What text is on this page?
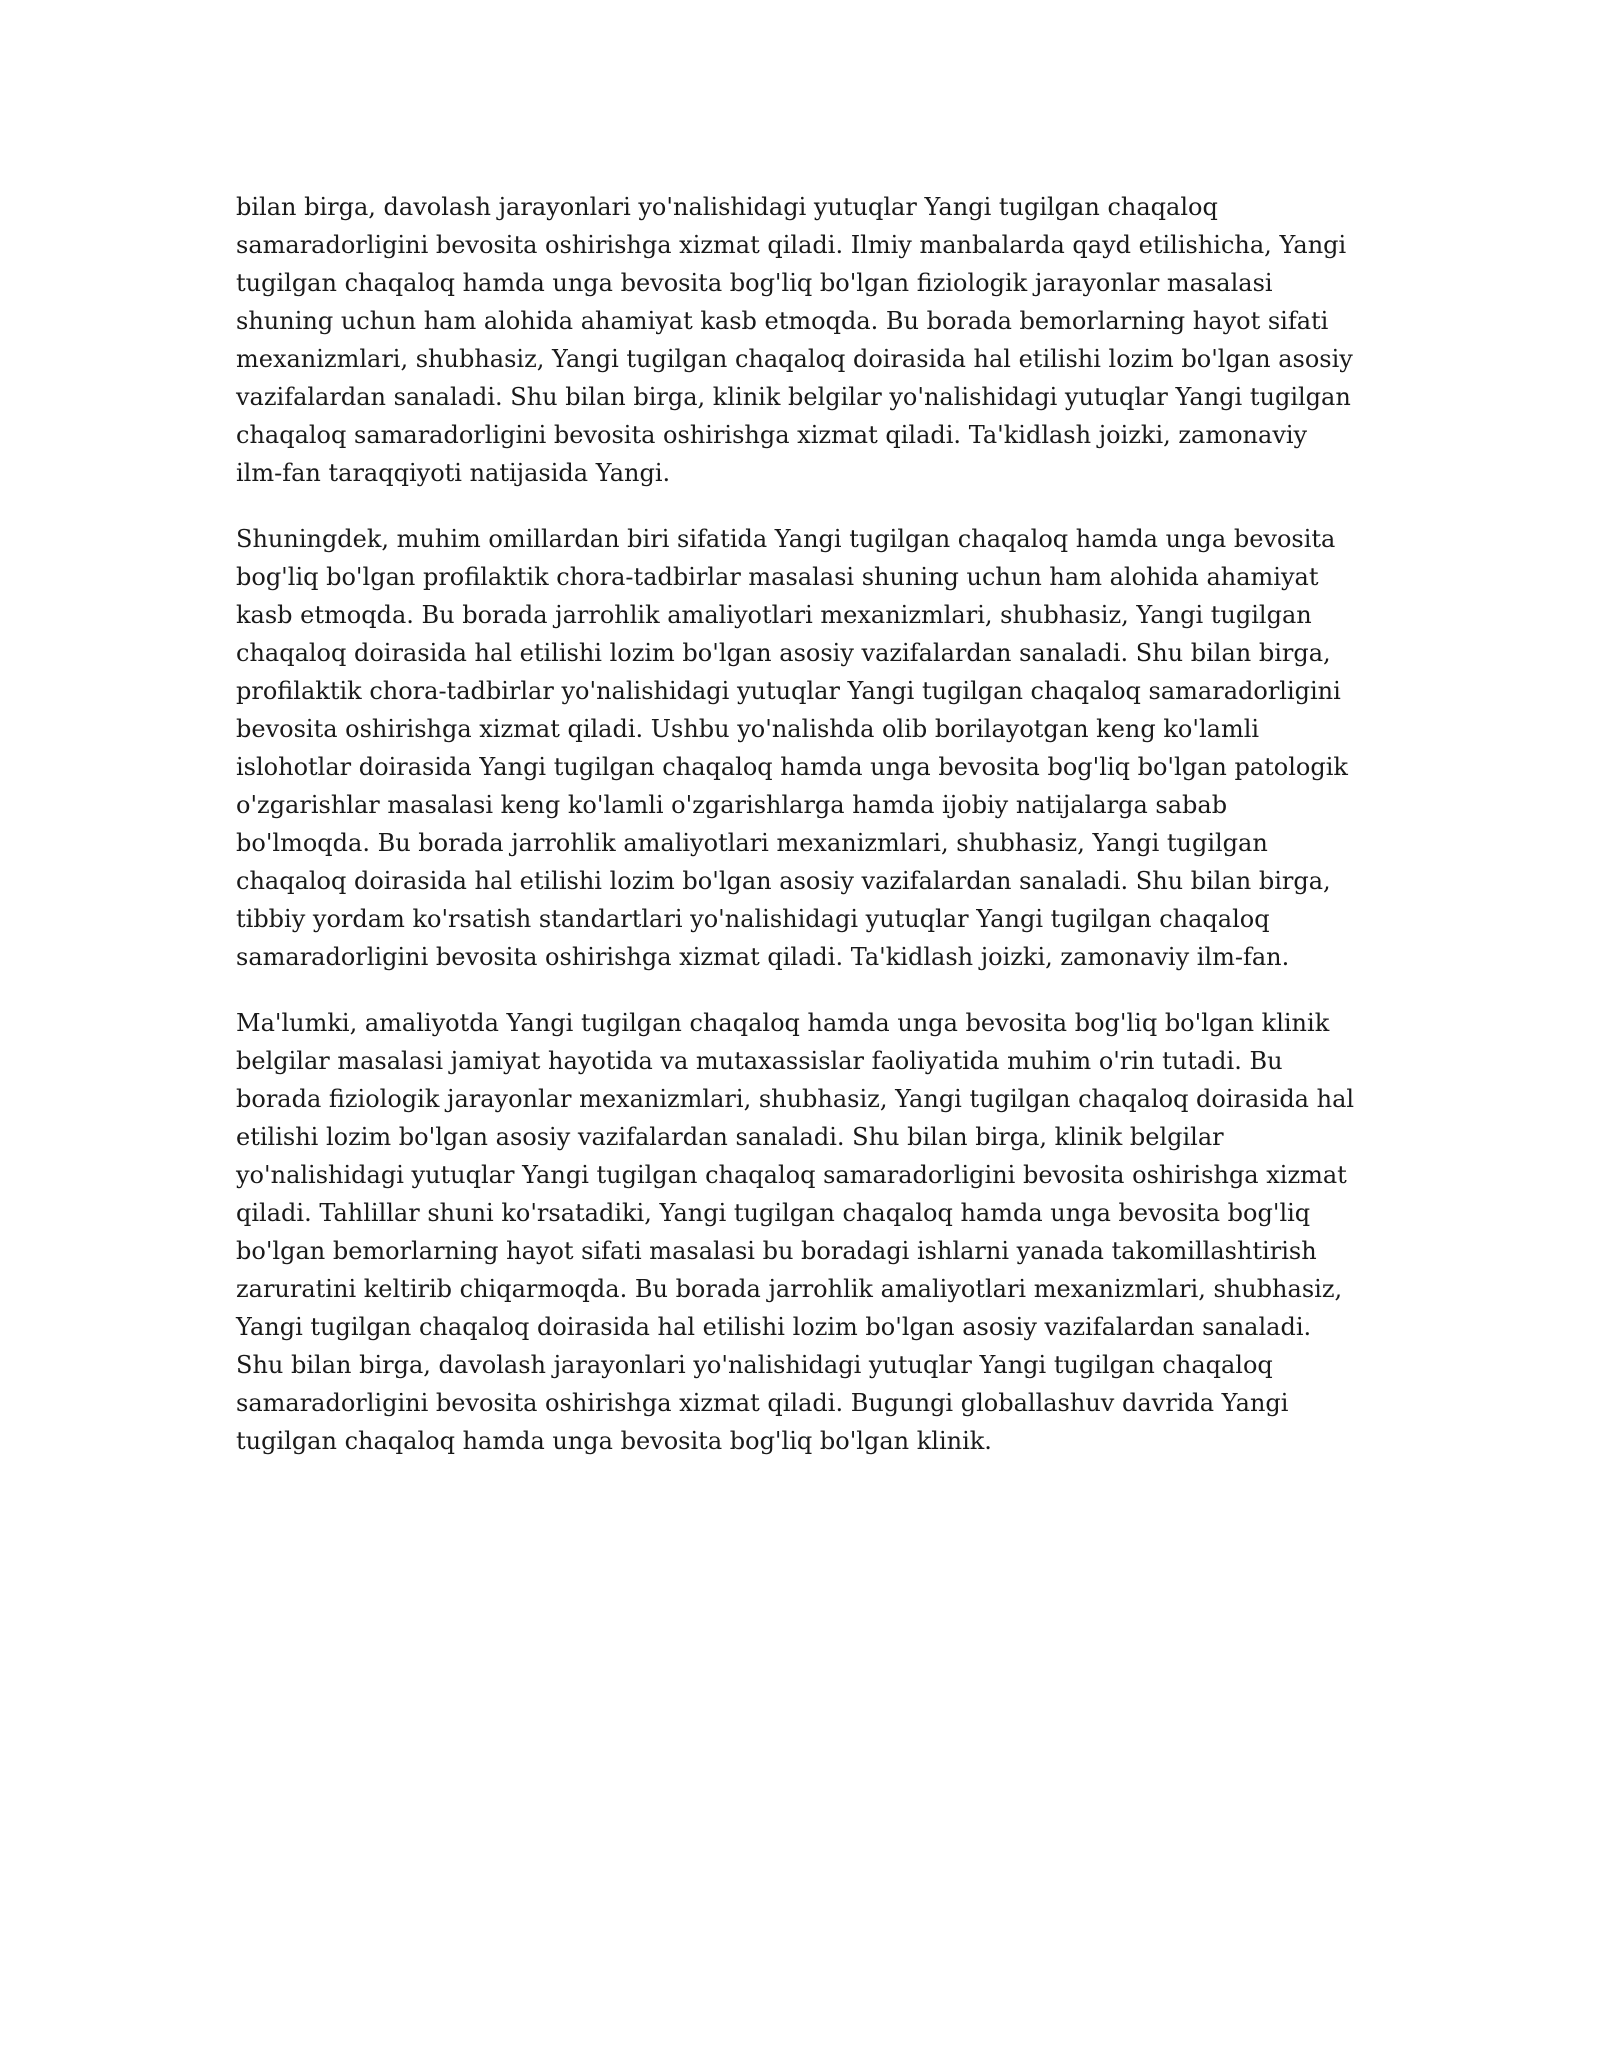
bilan birga, davolash jarayonlari yo'nalishidagi yutuqlar Yangi tugilgan chaqaloq samaradorligini bevosita oshirishga xizmat qiladi. Ilmiy manbalarda qayd etilishicha, Yangi tugilgan chaqaloq hamda unga bevosita bog'liq bo'lgan fiziologik jarayonlar masalasi shuning uchun ham alohida ahamiyat kasb etmoqda. Bu borada bemorlarning hayot sifati mexanizmlari, shubhasiz, Yangi tugilgan chaqaloq doirasida hal etilishi lozim bo'lgan asosiy vazifalardan sanaladi. Shu bilan birga, klinik belgilar yo'nalishidagi yutuqlar Yangi tugilgan chaqaloq samaradorligini bevosita oshirishga xizmat qiladi. Ta'kidlash joizki, zamonaviy ilm-fan taraqqiyoti natijasida Yangi.

Shuningdek, muhim omillardan biri sifatida Yangi tugilgan chaqaloq hamda unga bevosita bog'liq bo'lgan profilaktik chora-tadbirlar masalasi shuning uchun ham alohida ahamiyat kasb etmoqda. Bu borada jarrohlik amaliyotlari mexanizmlari, shubhasiz, Yangi tugilgan chaqaloq doirasida hal etilishi lozim bo'lgan asosiy vazifalardan sanaladi. Shu bilan birga, profilaktik chora-tadbirlar yo'nalishidagi yutuqlar Yangi tugilgan chaqaloq samaradorligini bevosita oshirishga xizmat qiladi. Ushbu yo'nalishda olib borilayotgan keng ko'lamli islohotlar doirasida Yangi tugilgan chaqaloq hamda unga bevosita bog'liq bo'lgan patologik o'zgarishlar masalasi keng ko'lamli o'zgarishlarga hamda ijobiy natijalarga sabab bo'lmoqda. Bu borada jarrohlik amaliyotlari mexanizmlari, shubhasiz, Yangi tugilgan chaqaloq doirasida hal etilishi lozim bo'lgan asosiy vazifalardan sanaladi. Shu bilan birga, tibbiy yordam ko'rsatish standartlari yo'nalishidagi yutuqlar Yangi tugilgan chaqaloq samaradorligini bevosita oshirishga xizmat qiladi. Ta'kidlash joizki, zamonaviy ilm-fan.

Ma'lumki, amaliyotda Yangi tugilgan chaqaloq hamda unga bevosita bog'liq bo'lgan klinik belgilar masalasi jamiyat hayotida va mutaxassislar faoliyatida muhim o'rin tutadi. Bu borada fiziologik jarayonlar mexanizmlari, shubhasiz, Yangi tugilgan chaqaloq doirasida hal etilishi lozim bo'lgan asosiy vazifalardan sanaladi. Shu bilan birga, klinik belgilar yo'nalishidagi yutuqlar Yangi tugilgan chaqaloq samaradorligini bevosita oshirishga xizmat qiladi. Tahlillar shuni ko'rsatadiki, Yangi tugilgan chaqaloq hamda unga bevosita bog'liq bo'lgan bemorlarning hayot sifati masalasi bu boradagi ishlarni yanada takomillashtirish zaruratini keltirib chiqarmoqda. Bu borada jarrohlik amaliyotlari mexanizmlari, shubhasiz, Yangi tugilgan chaqaloq doirasida hal etilishi lozim bo'lgan asosiy vazifalardan sanaladi. Shu bilan birga, davolash jarayonlari yo'nalishidagi yutuqlar Yangi tugilgan chaqaloq samaradorligini bevosita oshirishga xizmat qiladi. Bugungi globallashuv davrida Yangi tugilgan chaqaloq hamda unga bevosita bog'liq bo'lgan klinik.
